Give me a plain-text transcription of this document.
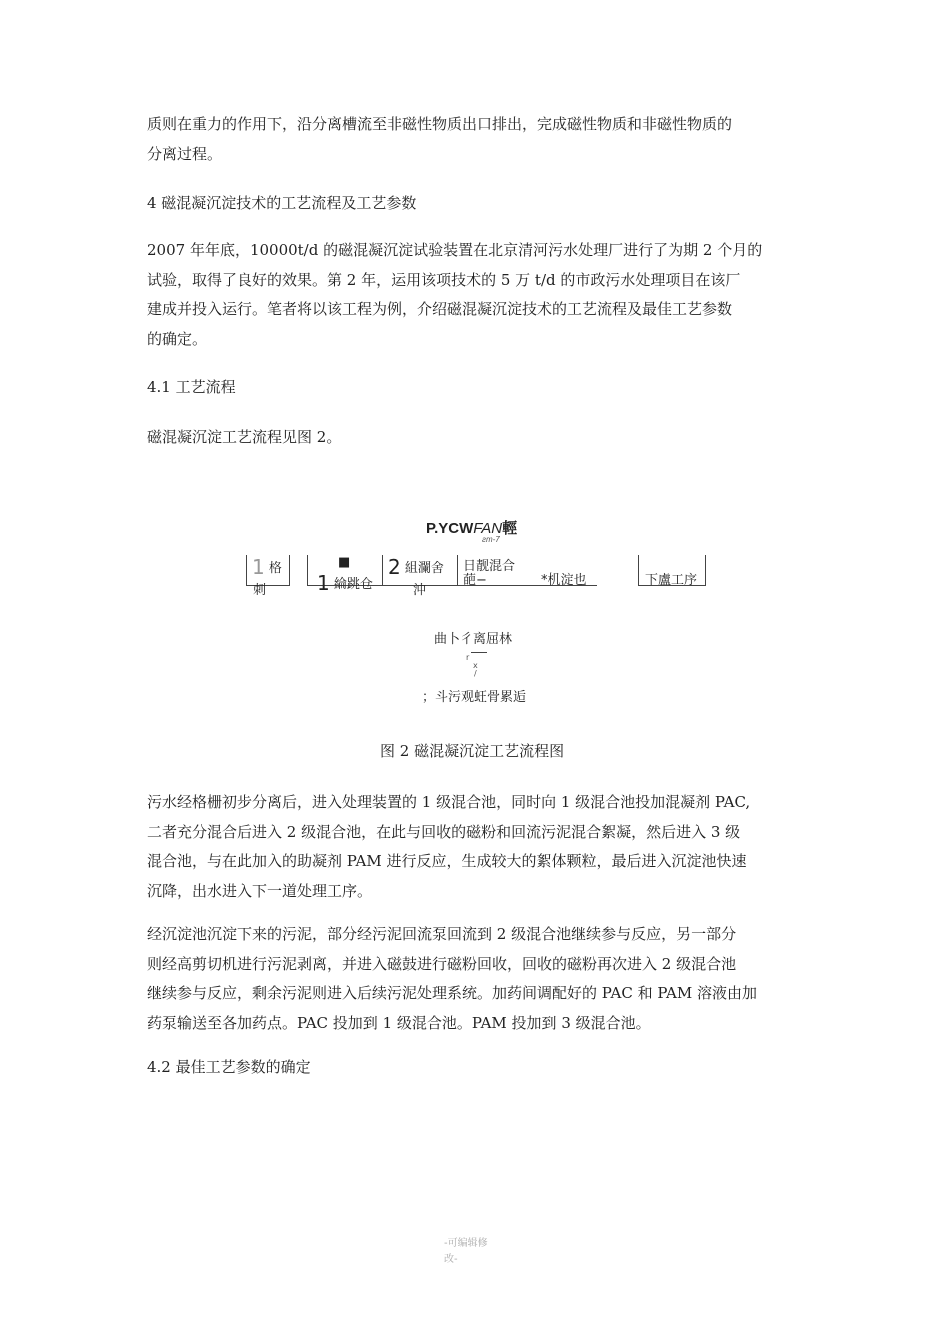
质则在重力的作用下，沿分离槽流至非磁性物质出口排出，完成磁性物质和非磁性物质的
分离过程。
4 磁混凝沉淀技术的工艺流程及工艺参数
2007 年年底，10000t/d 的磁混凝沉淀试验装置在北京清河污水处理厂进行了为期 2 个月的
试验，取得了良好的效果。第 2 年，运用该项技术的 5 万 t/d 的市政污水处理项目在该厂
建成并投入运行。笔者将以该工程为例，介绍磁混凝沉淀技术的工艺流程及最佳工艺参数
的确定。
4.1 工艺流程
磁混凝沉淀工艺流程见图 2。
P.YCWFAN輕
гт-7
1 格
刺
■
1 綸跳仓
2 組瀾舍
沖
日靓混合
葩−	*机淀也	下盧工序
曲卜彳离屈林
r
x
/
；斗污观蚟骨累逅
图 2 磁混凝沉淀工艺流程图
污水经格栅初步分离后，进入处理装置的 1 级混合池，同时向 1 级混合池投加混凝剂 PAC,
二者充分混合后进入 2 级混合池，在此与回收的磁粉和回流污泥混合絮凝，然后进入 3 级
混合池，与在此加入的助凝剂 PAM 进行反应，生成较大的絮体颗粒，最后进入沉淀池快速
沉降，出水进入下一道处理工序。
经沉淀池沉淀下来的污泥，部分经污泥回流泵回流到 2 级混合池继续参与反应，另一部分
则经高剪切机进行污泥剥离，并进入磁鼓进行磁粉回收，回收的磁粉再次进入 2 级混合池
继续参与反应，剩余污泥则进入后续污泥处理系统。加药间调配好的 PAC 和 PAM 溶液由加
药泵输送至各加药点。PAC 投加到 1 级混合池。PAM 投加到 3 级混合池。
4.2 最佳工艺参数的确定
-可编辑修
改-
